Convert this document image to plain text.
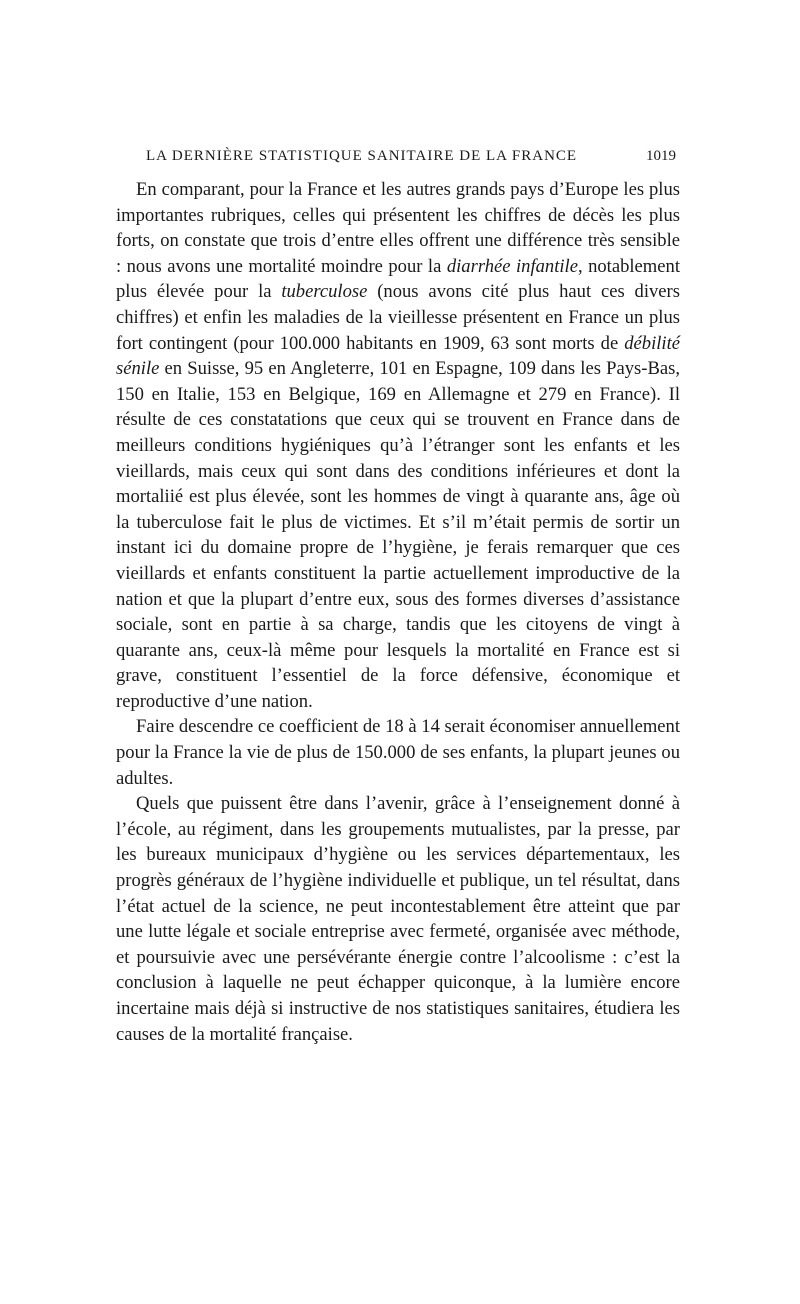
LA DERNIÈRE STATISTIQUE SANITAIRE DE LA FRANCE	1019

En comparant, pour la France et les autres grands pays d’Europe les plus importantes rubriques, celles qui présentent les chiffres de décès les plus forts, on constate que trois d’entre elles offrent une différence très sensible : nous avons une mortalité moindre pour la diarrhée infantile, notablement plus élevée pour la tuberculose (nous avons cité plus haut ces divers chiffres) et enfin les maladies de la vieillesse présentent en France un plus fort contingent (pour 100.000 habitants en 1909, 63 sont morts de débilité sénile en Suisse, 95 en Angleterre, 101 en Espagne, 109 dans les Pays-Bas, 150 en Italie, 153 en Belgique, 169 en Allemagne et 279 en France). Il résulte de ces constatations que ceux qui se trouvent en France dans de meilleurs conditions hygiéniques qu’à l’étranger sont les enfants et les vieillards, mais ceux qui sont dans des conditions inférieures et dont la mortaliié est plus élevée, sont les hommes de vingt à quarante ans, âge où la tuberculose fait le plus de victimes. Et s’il m’était permis de sortir un instant ici du domaine propre de l’hygiène, je ferais remarquer que ces vieillards et enfants constituent la partie actuellement improductive de la nation et que la plupart d’entre eux, sous des formes diverses d’assistance sociale, sont en partie à sa charge, tandis que les citoyens de vingt à quarante ans, ceux-là même pour lesquels la mortalité en France est si grave, constituent l’essentiel de la force défensive, économique et reproductive d’une nation.

Faire descendre ce coefficient de 18 à 14 serait économiser annuellement pour la France la vie de plus de 150.000 de ses enfants, la plupart jeunes ou adultes.

Quels que puissent être dans l’avenir, grâce à l’enseignement donné à l’école, au régiment, dans les groupements mutualistes, par la presse, par les bureaux municipaux d’hygiène ou les services départementaux, les progrès généraux de l’hygiène individuelle et publique, un tel résultat, dans l’état actuel de la science, ne peut incontestablement être atteint que par une lutte légale et sociale entreprise avec fermeté, organisée avec méthode, et poursuivie avec une persévérante énergie contre l’alcoolisme : c’est la conclusion à laquelle ne peut échapper quiconque, à la lumière encore incertaine mais déjà si instructive de nos statistiques sanitaires, étudiera les causes de la mortalité française.
